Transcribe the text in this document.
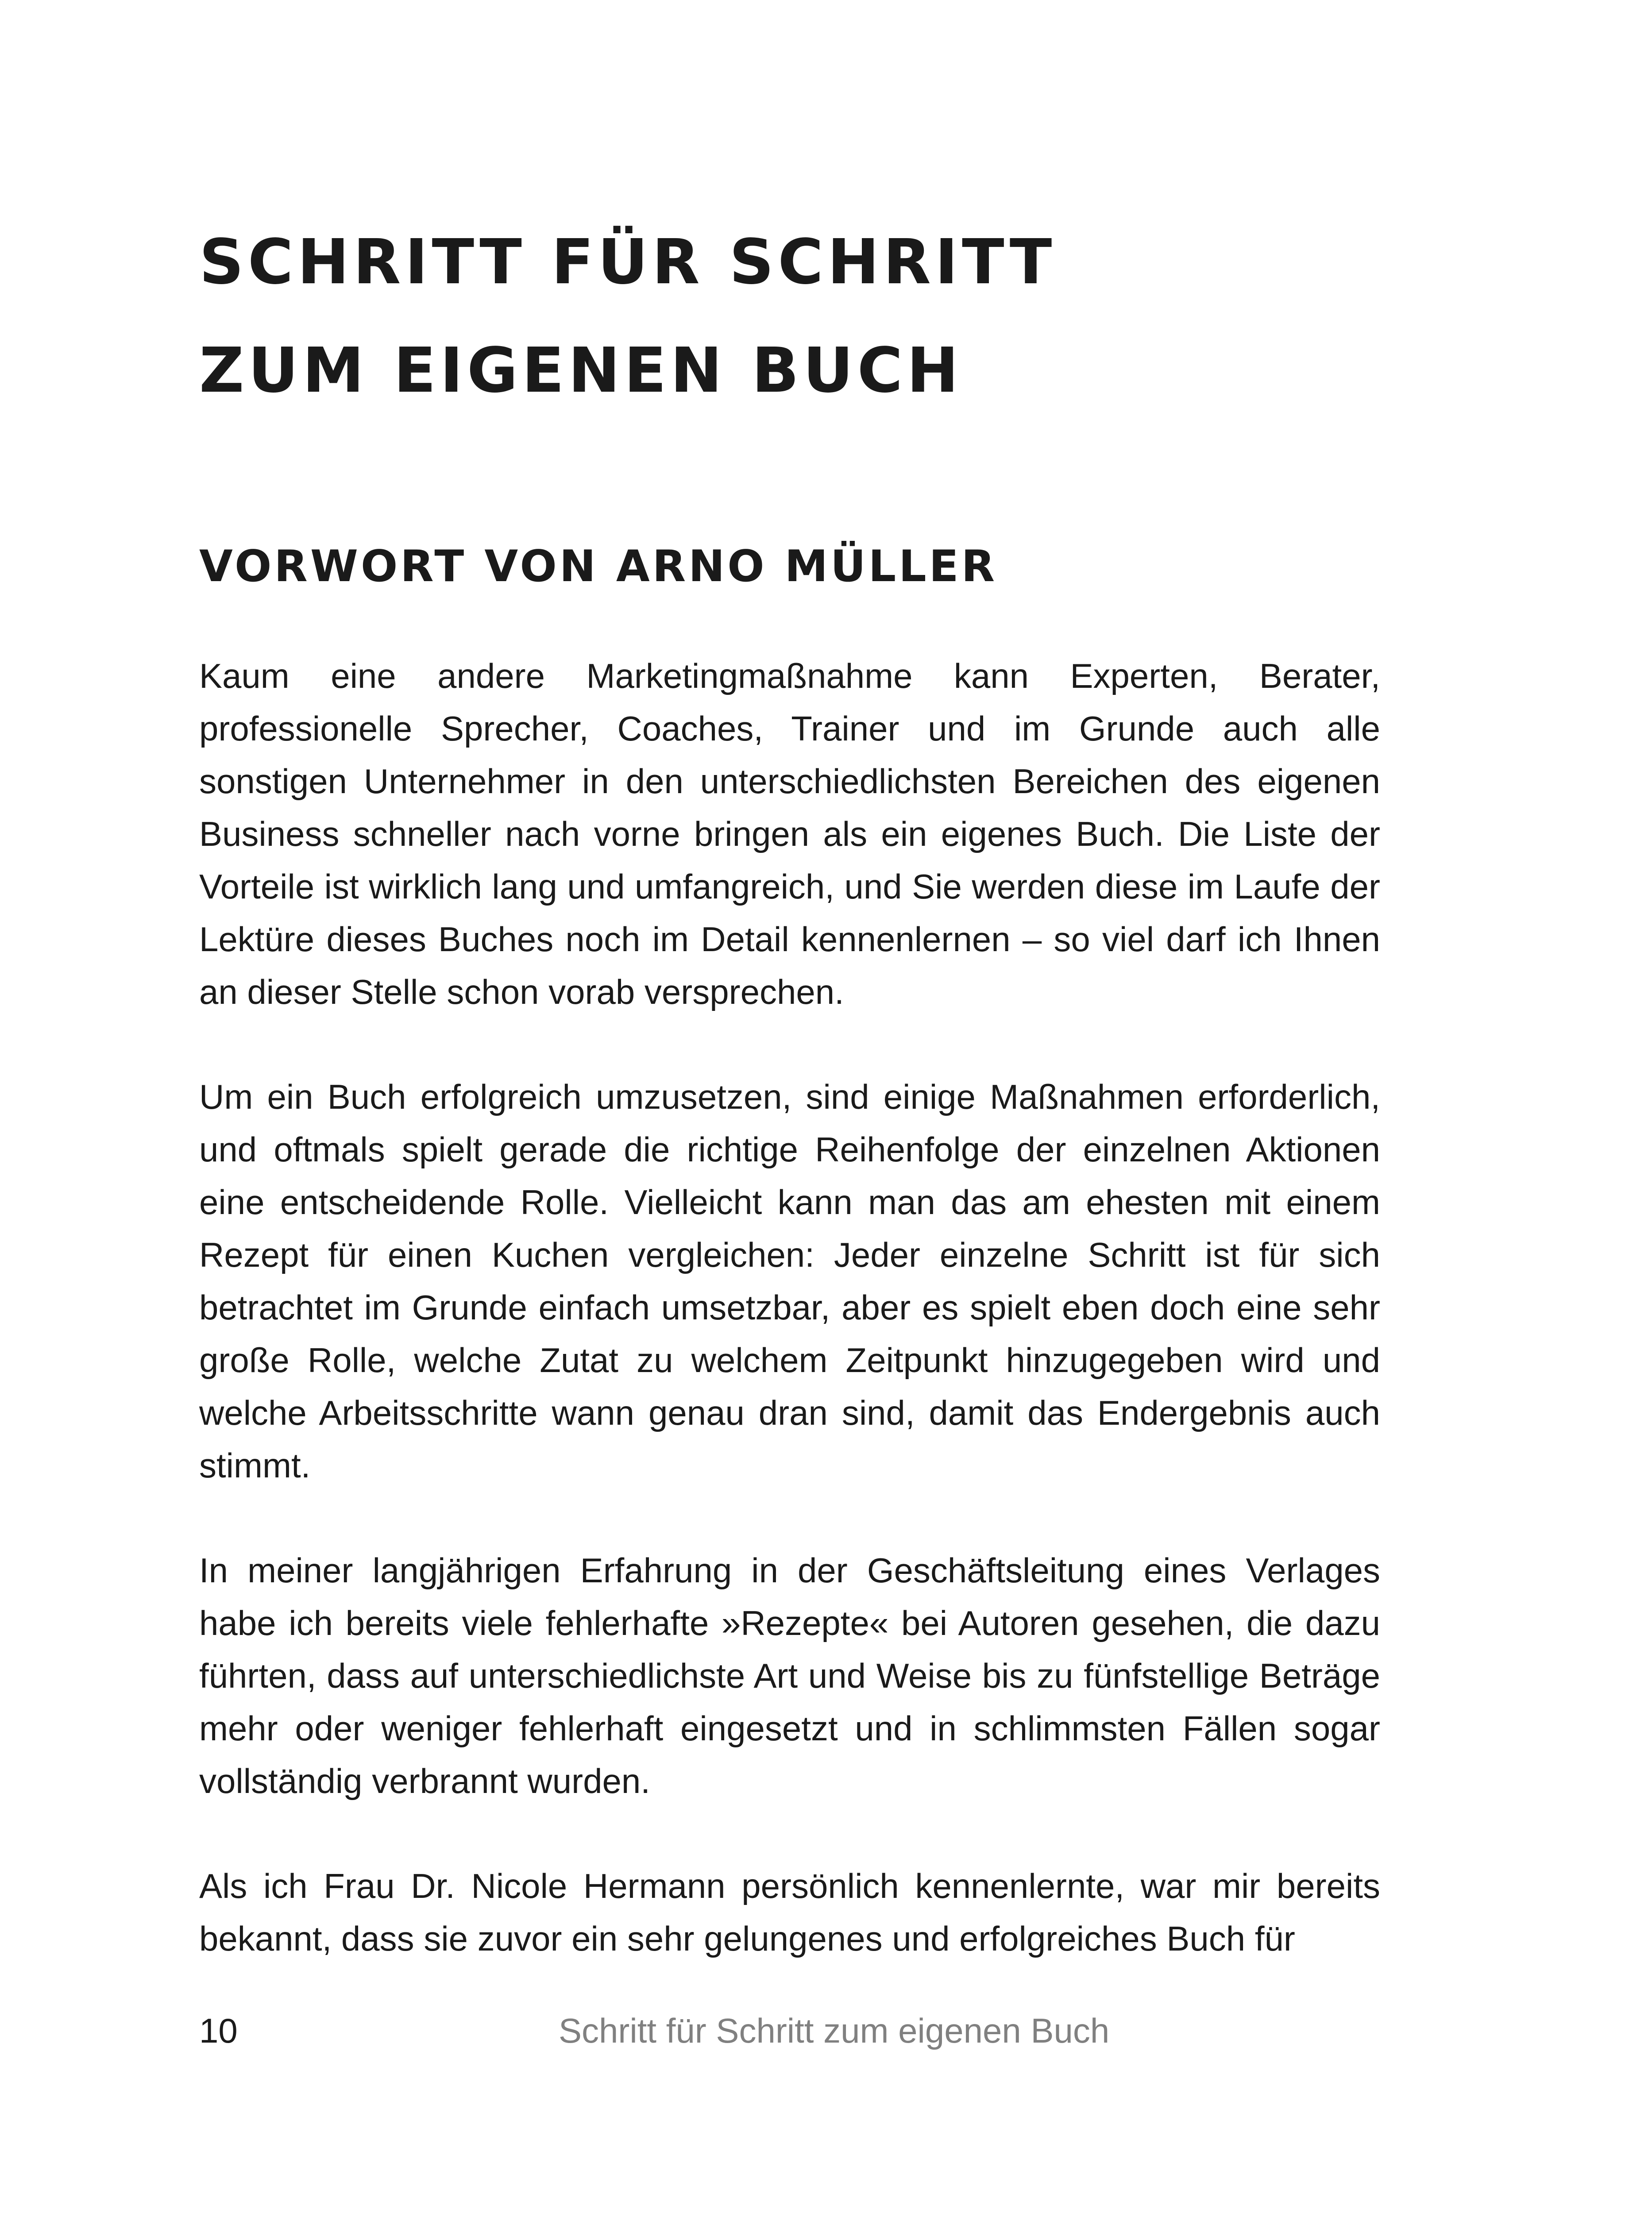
SCHRITT FÜR SCHRITT
ZUM EIGENEN BUCH
VORWORT VON ARNO MÜLLER

Kaum eine andere Marketingmaßnahme kann Experten, Berater, professionelle Sprecher, Coaches, Trainer und im Grunde auch alle sonstigen Unternehmer in den unterschiedlichsten Bereichen des eigenen Business schneller nach vorne bringen als ein eigenes Buch. Die Liste der Vorteile ist wirklich lang und umfangreich, und Sie werden diese im Laufe der Lektüre dieses Buches noch im Detail kennenlernen – so viel darf ich Ihnen an dieser Stelle schon vorab versprechen.

Um ein Buch erfolgreich umzusetzen, sind einige Maßnahmen erforderlich, und oftmals spielt gerade die richtige Reihenfolge der einzelnen Aktionen eine entscheidende Rolle. Vielleicht kann man das am ehesten mit einem Rezept für einen Kuchen vergleichen: Jeder einzelne Schritt ist für sich betrachtet im Grunde einfach umsetzbar, aber es spielt eben doch eine sehr große Rolle, welche Zutat zu welchem Zeitpunkt hinzugegeben wird und welche Arbeitsschritte wann genau dran sind, damit das Endergebnis auch stimmt.

In meiner langjährigen Erfahrung in der Geschäftsleitung eines Verlages habe ich bereits viele fehlerhafte »Rezepte« bei Autoren gesehen, die dazu führten, dass auf unterschiedlichste Art und Weise bis zu fünfstellige Beträge mehr oder weniger fehlerhaft eingesetzt und in schlimmsten Fällen sogar vollständig verbrannt wurden.

Als ich Frau Dr. Nicole Hermann persönlich kennenlernte, war mir bereits bekannt, dass sie zuvor ein sehr gelungenes und erfolgreiches Buch für

10	Schritt für Schritt zum eigenen Buch
